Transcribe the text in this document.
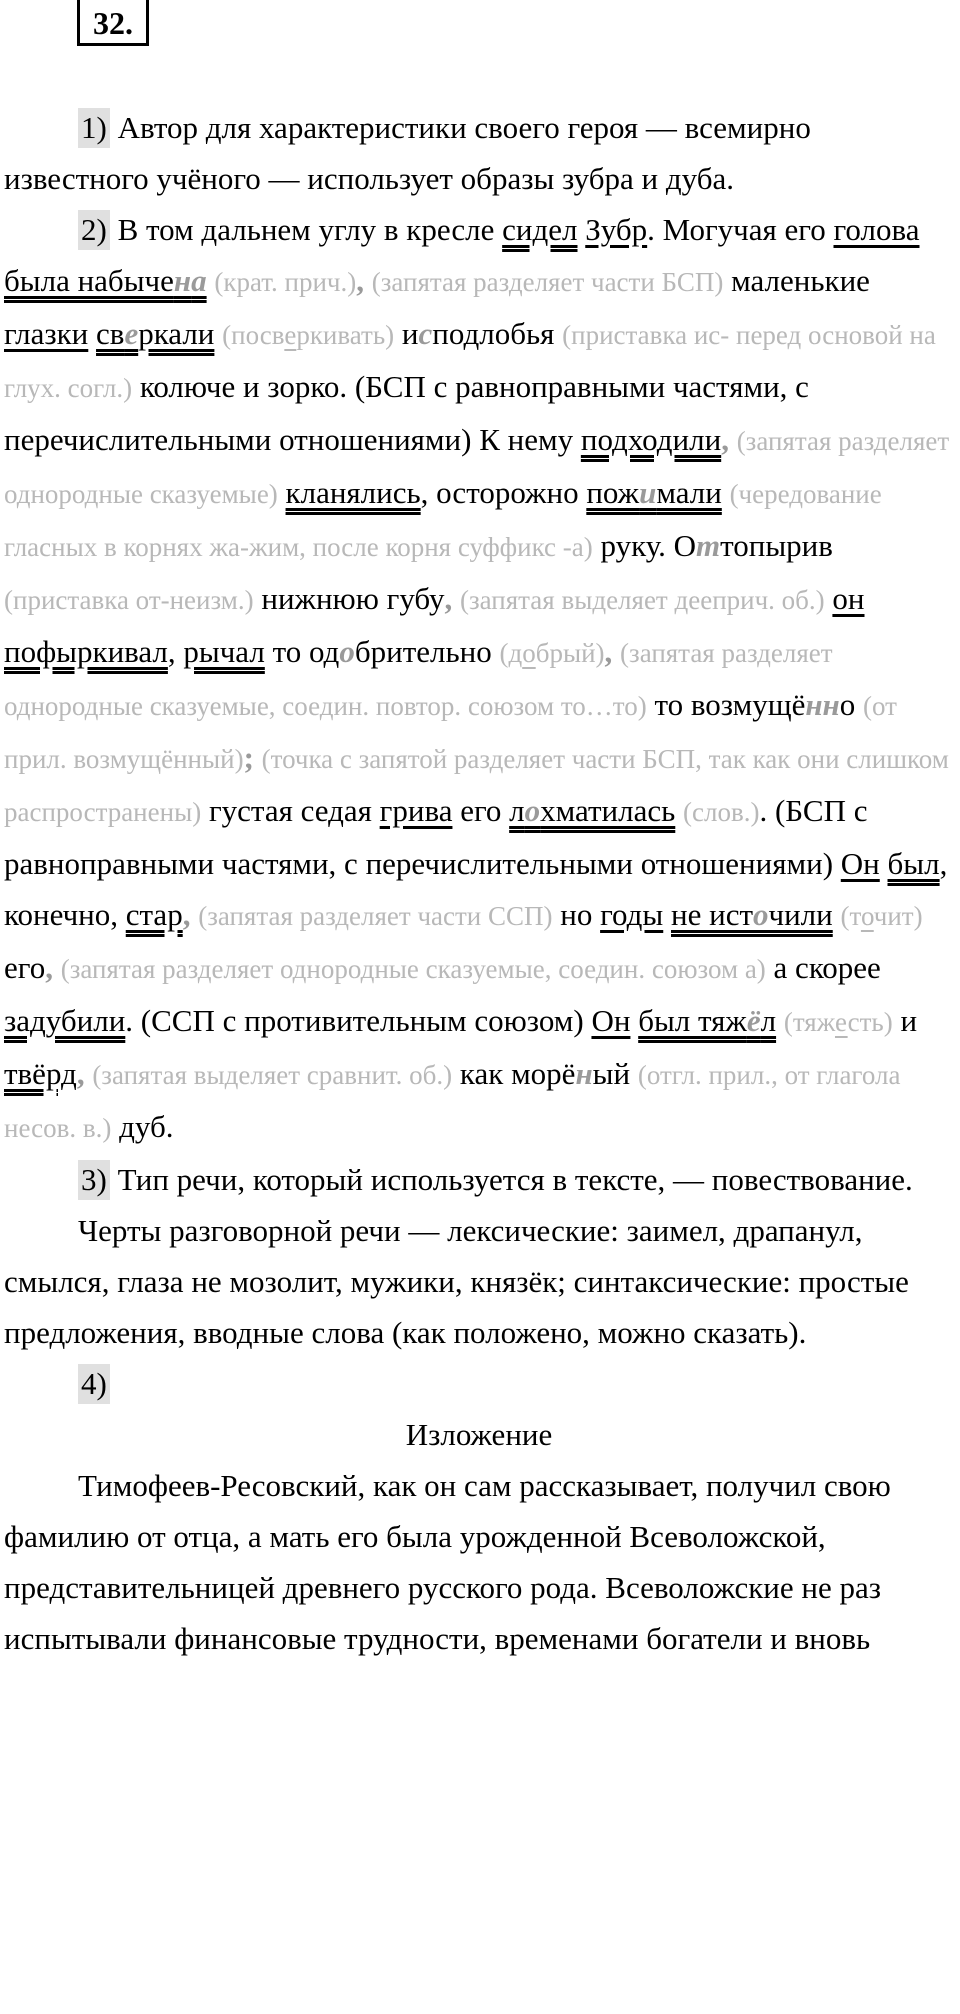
32.

1) Автор для характеристики своего героя — всемирно известного учёного — использует образы зубра и дуба.

2) В том дальнем углу в кресле сидел Зубр. Могучая его голова была набычена (крат. прич.), (запятая разделяет части БСП) маленькие глазки сверкали (посверкивать) исподлобья (приставка ис- перед основой на глух. согл.) колюче и зорко. (БСП с равноправными частями, с перечислительными отношениями) К нему подходили, (запятая разделяет однородные сказуемые) кланялись, осторожно пожимали (чередование гласных в корнях жа-жим, после корня суффикс -а) руку. Оттопырив (приставка от-неизм.) нижнюю губу, (запятая выделяет дееприч. об.) он пофыркивал, рычал то одобрительно (добрый), (запятая разделяет однородные сказуемые, соедин. повтор. союзом то…то) то возмущённо (от прил. возмущённый); (точка с запятой разделяет части БСП, так как они слишком распространены) густая седая грива его лохматилась (слов.). (БСП с равноправными частями, с перечислительными отношениями) Он был, конечно, стар, (запятая разделяет части ССП) но годы не источили (точит) его, (запятая разделяет однородные сказуемые, соедин. союзом а) а скорее задубили. (ССП с противительным союзом) Он был тяжёл (тяжесть) и твёрд, (запятая выделяет сравнит. об.) как морёный (отгл. прил., от глагола несов. в.) дуб.

3) Тип речи, который используется в тексте, — повествование.

Черты разговорной речи — лексические: заимел, драпанул, смылся, глаза не мозолит, мужики, князёк; синтаксические: простые предложения, вводные слова (как положено, можно сказать).

4)

Изложение

Тимофеев-Ресовский, как он сам рассказывает, получил свою фамилию от отца, а мать его была урожденной Всеволожской, представительницей древнего русского рода. Всеволожские не раз испытывали финансовые трудности, временами богатели и вновь
